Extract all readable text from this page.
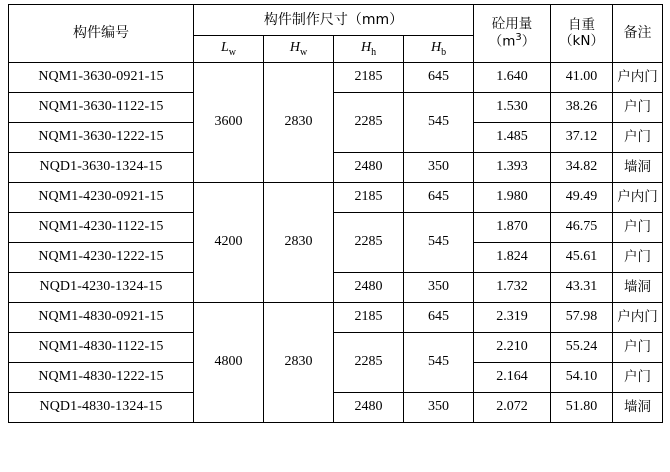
构件编号	构件制作尺寸（mm）	砼用量
$(m^3)$

自重
（kN）	备注
	$L_w$	$H_w$	$H_h$	$H_b$
NQM1-3630-0921-15	3600	2830	2185	645	1.640	41.00	户内门
NQM1-3630-1122-15			2285	545	1.530	38.26	户门
NQM1-3630-1222-15					1.485	37.12	户门
NQD1-3630-1324-15			2480	350	1.393	34.82	墙洞
NQM1-4230-0921-15	4200	2830	2185	645	1.980	49.49	户内门
NQM1-4230-1122-15			2285	545	1.870	46.75	户门
NQM1-4230-1222-15					1.824	45.61	户门
NQD1-4230-1324-15			2480	350	1.732	43.31	墙洞
NQM1-4830-0921-15	4800	2830	2185	645	2.319	57.98	户内门
NQM1-4830-1122-15			2285	545	2.210	55.24	户门
NQM1-4830-1222-15					2.164	54.10	户门
NQD1-4830-1324-15			2480	350	2.072	51.80	墙洞
